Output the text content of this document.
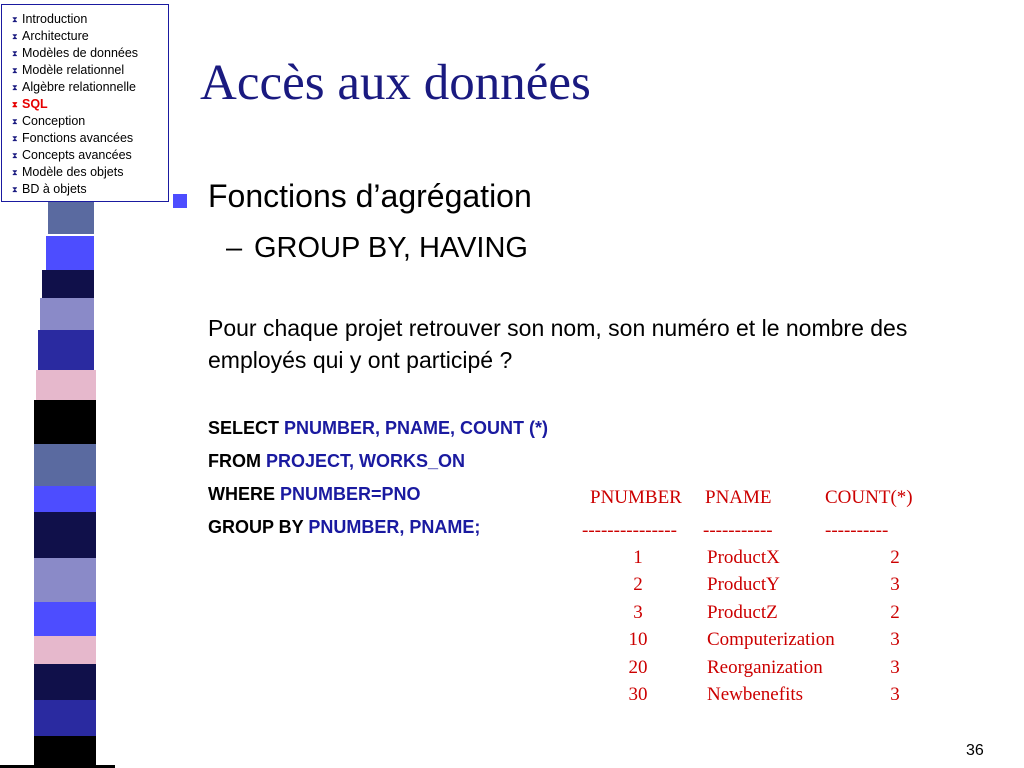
⧗ Introduction
⧗ Architecture
⧗ Modèles de données
⧗ Modèle relationnel
⧗ Algèbre relationnelle
⧗ SQL
⧗ Conception
⧗ Fonctions avancées
⧗ Concepts avancées
⧗ Modèle des objets
⧗ BD à objets
Accès aux données
Fonctions d’agrégation
– GROUP BY, HAVING
Pour chaque projet retrouver son nom, son numéro et le nombre des employés qui y ont participé ?
SELECT PNUMBER, PNAME, COUNT (*)
FROM PROJECT, WORKS_ON
WHERE PNUMBER=PNO
GROUP BY PNUMBER, PNAME;
PNUMBER PNAME	COUNT(*)
--------------- -----------	----------
1	ProductX	2
2	ProductY	3
3	ProductZ	2
10	Computerization	3
20	Reorganization	3
30	Newbenefits	3
36
